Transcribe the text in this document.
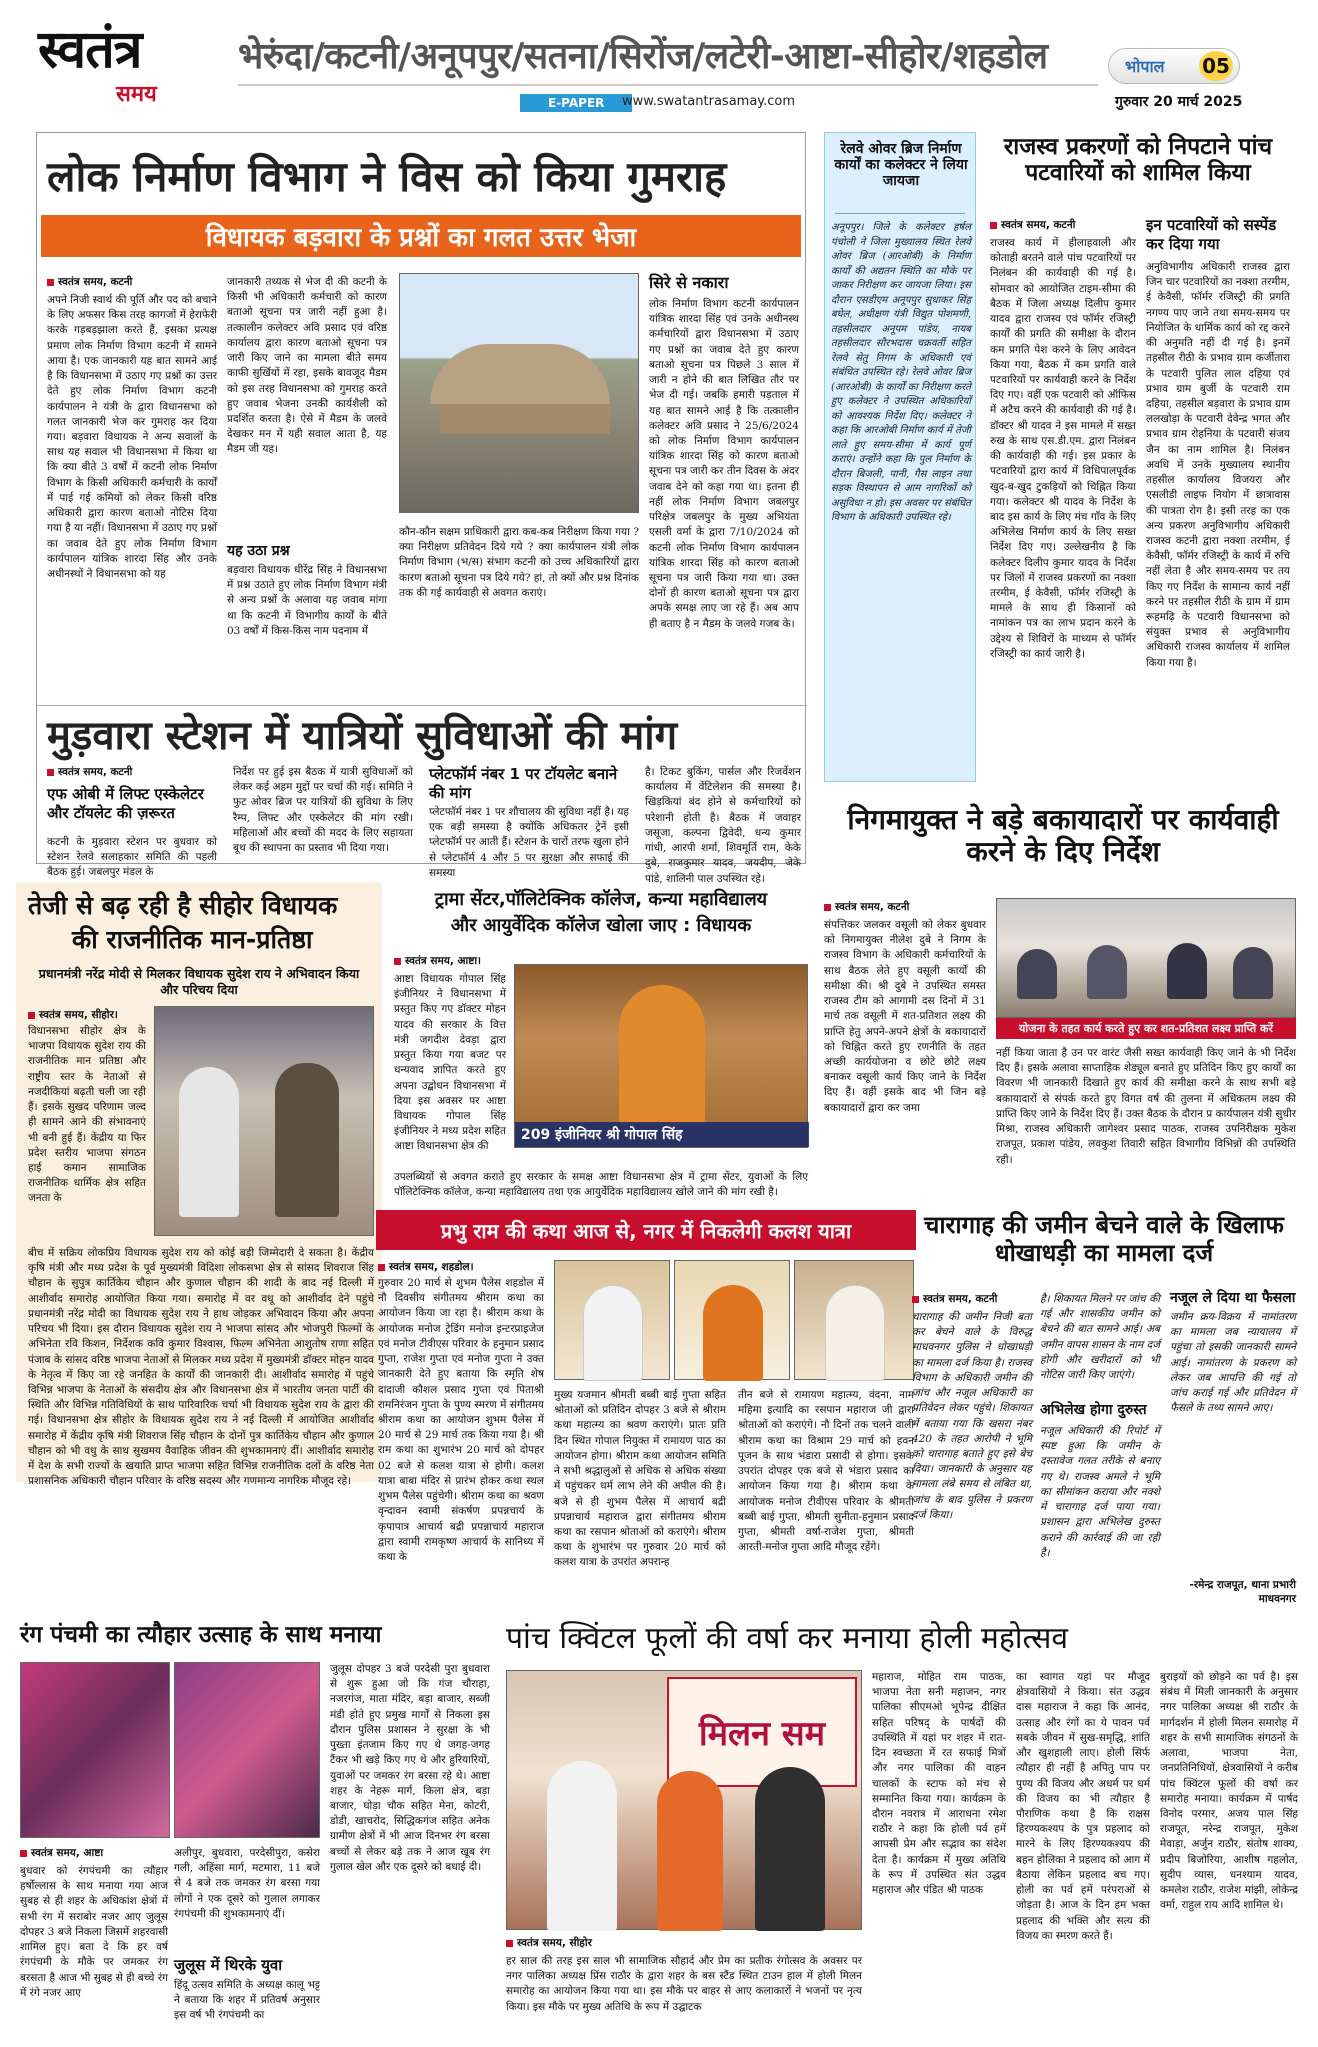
स्वतंत्र
समय
भेरुंदा/कटनी/अनूपपुर/सतना/सिरोंज/लटेरी-आष्टा-सीहोर/शहडोल
E-PAPER	www.swatantrasamay.com
भोपाल 05
गुरुवार 20 मार्च 2025
लोक निर्माण विभाग ने विस को किया गुमराह
विधायक बड़वारा के प्रश्नों का गलत उत्तर भेजा
स्वतंत्र समय, कटनी
अपने निजी स्वार्थ की पूर्ति और पद को बचाने के लिए अफसर किस तरह कागजों में हेराफेरी करके गड़बड़झाला करते हैं, इसका प्रत्यक्ष प्रमाण लोक निर्माण विभाग कटनी में सामने आया है। एक जानकारी यह बात सामने आई है कि विधानसभा में उठाए गए प्रश्नों का उत्तर देते हुए लोक निर्माण विभाग कटनी कार्यपालन ने यंत्री के द्वारा विधानसभा को गलत जानकारी भेज कर गुमराह कर दिया गया। बड़वारा विधायक ने अन्य सवालों के साथ यह सवाल भी विधानसभा में किया था कि क्या बीते 3 वर्षों में कटनी लोक निर्माण विभाग के किसी अधिकारी कर्मचारी के कार्यों में पाई गई कमियों को लेकर किसी वरिष्ठ अधिकारी द्वारा कारण बताओ नोटिस दिया गया है या नहीं। विधानसभा में उठाए गए प्रश्नों का जवाब देते हुए लोक निर्माण विभाग कार्यपालन यांत्रिक शारदा सिंह और उनके अधीनस्थों ने विधानसभा को यह
जानकारी तथ्यक से भेज दी की कटनी के किसी भी अधिकारी कर्मचारी को कारण बताओ सूचना पत्र जारी नहीं हुआ है। तत्कालीन कलेक्टर अवि प्रसाद एवं वरिष्ठ कार्यालय द्वारा कारण बताओ सूचना पत्र जारी किए जाने का मामला बीते समय काफी सुर्खियों में रहा, इसके बावजूद मैडम को इस तरह विधानसभा को गुमराह करते हुए जवाब भेजना उनकी कार्यशैली को प्रदर्शित करता है। ऐसे में मैडम के जलवे देखकर मन में यही सवाल आता है, यह मैडम जी यह।
यह उठा प्रश्न
बड़वारा विधायक धीरेंद्र सिंह ने विधानसभा में प्रश्न उठाते हुए लोक निर्माण विभाग मंत्री से अन्य प्रश्नों के अलावा यह जवाब मांगा था कि कटनी में विभागीय कार्यों के बीते 03 वर्षों में किस-किस नाम पदनाम में
कौन-कौन सक्षम प्राधिकारी द्वारा कब-कब निरीक्षण किया गया ? क्या निरीक्षण प्रतिवेदन दिये गये ? क्या कार्यपालन यंत्री लोक निर्माण विभाग (भ/स) संभाग कटनी को उच्च अधिकारियों द्वारा कारण बताओ सूचना पत्र दिये गये? हां, तो क्यों और प्रश्न दिनांक तक की गई कार्यवाही से अवगत कराएं।
सिरे से नकारा
लोक निर्माण विभाग कटनी कार्यपालन यांत्रिक शारदा सिंह एवं उनके अधीनस्थ कर्मचारियों द्वारा विधानसभा में उठाए गए प्रश्नों का जवाब देते हुए कारण बताओ सूचना पत्र पिछले 3 साल में जारी न होने की बात लिखित तौर पर भेज दी गई। जबकि हमारी पड़ताल में यह बात सामने आई है कि तत्कालीन कलेक्टर अवि प्रसाद ने 25/6/2024 को लोक निर्माण विभाग कार्यपालन यांत्रिक शारदा सिंह को कारण बताओ सूचना पत्र जारी कर तीन दिवस के अंदर जवाब देने को कहा गया था। इतना ही नहीं लोक निर्माण विभाग जबलपुर परिक्षेत्र जबलपुर के मुख्य अभियंता एसली वर्मा के द्वारा 7/10/2024 को कटनी लोक निर्माण विभाग कार्यपालन यांत्रिक शारदा सिंह को कारण बताओ सूचना पत्र जारी किया गया था। उक्त दोनों ही कारण बताओ सूचना पत्र द्वारा अपके समक्ष लाए जा रहे हैं। अब आप ही बताए है न मैडम के जलवे गजब के।
मुड़वारा स्टेशन में यात्रियों सुविधाओं की मांग
स्वतंत्र समय, कटनी
एफ ओबी में लिफ्ट एस्केलेटर और टॉयलेट की ज़रूरत
कटनी के मुड़वारा स्टेशन पर बुधवार को स्टेशन रेलवे सलाहकार समिति की पहली बैठक हुई। जबलपुर मंडल के
निर्देश पर हुई इस बैठक में यात्री सुविधाओं को लेकर कई अहम मुद्दों पर चर्चा की गई। समिति ने फुट ओवर ब्रिज पर यात्रियों की सुविधा के लिए रैम्प, लिफ्ट और एस्केलेटर की मांग रखी। महिलाओं और बच्चों की मदद के लिए सहायता बूथ की स्थापना का प्रस्ताव भी दिया गया।
प्लेटफॉर्म नंबर 1 पर टॉयलेट बनाने की मांग
प्लेटफॉर्म नंबर 1 पर शौचालय की सुविधा नहीं है। यह एक बड़ी समस्या है क्योंकि अधिकतर ट्रेनें इसी प्लेटफॉर्म पर आती हैं। स्टेशन के चारों तरफ खुला होने से प्लेटफॉर्म 4 और 5 पर सुरक्षा और सफाई की समस्या
है। टिकट बुकिंग, पार्सल और रिजर्वेशन कार्यालय में वेंटिलेशन की समस्या है। खिड़कियां बंद होने से कर्मचारियों को परेशानी होती है। बैठक में जवाहर जसूजा, कल्पना द्विवेदी, धन्य कुमार गांधी, आरपी शर्मा, शिवमूर्ति राम, केके दुबे, राजकुमार यादव, जयदीप, जेके पांडे, शालिनी पाल उपस्थित रहे।
रेलवे ओवर ब्रिज निर्माण कार्यों का कलेक्टर ने लिया जायजा
अनूपपुर। जिले के कलेक्टर हर्षल पंचोली ने जिला मुख्यालय स्थित रेलवे ओवर ब्रिज (आरओबी) के निर्माण कार्यों की अद्यतन स्थिति का मौके पर जाकर निरीक्षण कर जायजा लिया। इस दौरान एसडीएम अनूपपुर सुधाकर सिंह बघेल, अधीक्षण यंत्री विद्युत पोशमणी, तहसीलदार अनूपम पांडेय, नायब तहसीलदार सौरभदास चक्रवर्ती सहित रेलवे सेतु निगम के अधिकारी एवं संबंधित उपस्थित रहे। रेलवे ओवर ब्रिज (आरओबी) के कार्यों का निरीक्षण करते हुए कलेक्टर ने उपस्थित अधिकारियों को आवश्यक निर्देश दिए। कलेक्टर ने कहा कि आरओबी निर्माण कार्य में तेजी लाते हुए समय-सीमा में कार्य पूर्ण कराएं। उन्होंने कहा कि पुल निर्माण के दौरान बिजली, पानी, गैस लाइन तथा सड़क विस्थापन से आम नागरिकों को असुविधा न हो। इस अवसर पर संबंधित विभाग के अधिकारी उपस्थित रहे।
राजस्व प्रकरणों को निपटाने पांच पटवारियों को शामिल किया
स्वतंत्र समय, कटनी
राजस्व कार्य में हीलाहवाली और कोताही बरतने वाले पांच पटवारियों पर निलंबन की कार्यवाही की गई है। सोमवार को आयोजित टाइम-सीमा की बैठक में जिला अध्यक्ष दिलीप कुमार यादव द्वारा राजस्व एवं फॉर्मर रजिस्ट्री कार्यों की प्रगति की समीक्षा के दौरान कम प्रगति पेश करने के लिए आवेदन किया गया, बैठक में कम प्रगति वाले पटवारियों पर कार्यवाही करने के निर्देश दिए गए। वहीं एक पटवारी को ऑफिस में अटैच करने की कार्यवाही की गई है। डॉक्टर श्री यादव ने इस मामले में सख्त रुख के साथ एस.डी.एम. द्वारा निलंबन की कार्यवाही की गई। इस प्रकार के पटवारियों द्वारा कार्य में विधिपालपूर्वक खुद-ब-खुद टुकड़ियों को चिह्नित किया गया। कलेक्टर श्री यादव के निर्देश के बाद इस कार्य के लिए मंच गाँव के लिए अभिलेख निर्माण कार्य के लिए सख्त निर्देश दिए गए। उल्लेखनीय है कि कलेक्टर दिलीप कुमार यादव के निर्देश पर जिलों में राजस्व प्रकरणों का नक्शा तरमीम, ई केवैसी, फॉर्मर रजिस्ट्री के मामले के साथ ही किसानों को नामांकन पत्र का लाभ प्रदान करने के उद्देश्य से शिविरों के माध्यम से फॉर्मर रजिस्ट्री का कार्य जारी है।
इन पटवारियों को सस्पेंड कर दिया गया
अनुविभागीय अधिकारी राजस्व द्वारा जिन चार पटवारियों का नक्शा तरमीम, ई केवैसी, फॉर्मर रजिस्ट्री की प्रगति नगण्य पाए जाने तथा समय-समय पर नियोजित के धार्मिक कार्य को रद्द करने की अनुमति नहीं दी गई है। इनमें तहसील रीठी के प्रभाव ग्राम कर्जीतारा के पटवारी पुलित लाल दहिया एवं प्रभाव ग्राम बुर्जी के पटवारी राम दहिया, तहसील बड़वारा के प्रभाव ग्राम ललखोड़ा के पटवारी देवेन्द्र भगत और प्रभाव ग्राम रोहनिया के पटवारी संजय जैन का नाम शामिल है। निलंबन अवधि में उनके मुख्यालय स्थानीय तहसील कार्यालय विजयरा और एसलीडी लाइफ नियोग में छात्रावास की पात्रता रोग है। इसी तरह का एक अन्य प्रकरण अनुविभागीय अधिकारी राजस्व कटनी द्वारा नक्शा तरमीम, ई केवैसी, फॉर्मर रजिस्ट्री के कार्य में रुचि नहीं लेता है और समय-समय पर तय किए गए निर्देश के सामान्य कार्य नहीं करने पर तहसील रीठी के ग्राम में ग्राम रूहमढ़ि के पटवारी विधानसभा को संयुक्त प्रभाव से अनुविभागीय अधिकारी राजस्व कार्यालय में शामिल किया गया है।
निगमायुक्त ने बड़े बकायादारों पर कार्यवाही करने के दिए निर्देश
स्वतंत्र समय, कटनी
संपत्तिकर जलकर वसूली को लेकर बुधवार को निगमायुक्त नीलेश दुबे ने निगम के राजस्व विभाग के अधिकारी कर्मचारियों के साथ बैठक लेते हुए वसूली कार्यों की समीक्षा की। श्री दुबे ने उपस्थित समस्त राजस्व टीम को आगामी दस दिनों में 31 मार्च तक वसूली में शत-प्रतिशत लक्ष्य की प्राप्ति हेतु अपने-अपने क्षेत्रों के बकायादारों को चिह्नित करते हुए रणनीति के तहत अच्छी कार्ययोजना व छोटे छोटे लक्ष्य बनाकर वसूली कार्य किए जाने के निर्देश दिए हैं। वहीं इसके बाद भी जिन बड़े बकायादारों द्वारा कर जमा
योजना के तहत कार्य करते हुए कर शत-प्रतिशत लक्ष्य प्राप्ति करें
नहीं किया जाता है उन पर वारंट जैसी सख्त कार्यवाही किए जाने के भी निर्देश दिए हैं। इसके अलावा साप्ताहिक शेड्यूल बनाते हुए प्रतिदिन किए हुए कार्यों का विवरण भी जानकारी दिखाते हुए कार्य की समीक्षा करने के साथ सभी बड़े बकायादारों से संपर्क करते हुए विगत वर्ष की तुलना में अधिकतम लक्ष्य की प्राप्ति किए जाने के निर्देश दिए हैं। उक्त बैठक के दौरान प्र कार्यपालन यंत्री सुधीर मिश्रा, राजस्व अधिकारी जागेश्वर प्रसाद पाठक, राजस्व उपनिरीक्षक मुकेश राजपूत, प्रकाश पांडेय, लवकुश तिवारी सहित विभागीय विभिन्नों की उपस्थिति रही।
तेजी से बढ़ रही है सीहोर विधायक
की राजनीतिक मान-प्रतिष्ठा
प्रधानमंत्री नरेंद्र मोदी से मिलकर विधायक सुदेश राय ने अभिवादन किया और परिचय दिया
स्वतंत्र समय, सीहोर।
विधानसभा सीहोर क्षेत्र के भाजपा विधायक सुदेश राय की राजनीतिक मान प्रतिष्ठा और राष्ट्रीय स्तर के नेताओं से नजदीकियां बढ़ती चली जा रही हैं। इसके सुखद परिणाम जल्द ही सामने आने की संभावनाएं भी बनी हुई हैं। केंद्रीय या फिर प्रदेश स्तरीय भाजपा संगठन हाई कमान सामाजिक राजनीतिक धार्मिक क्षेत्र सहित जनता के
बीच में सक्रिय लोकप्रिय विधायक सुदेश राय को कोई बड़ी जिम्मेदारी दे सकता है। केंद्रीय कृषि मंत्री और मध्य प्रदेश के पूर्व मुख्यमंत्री विदिशा लोकसभा क्षेत्र से सांसद शिवराज सिंह चौहान के सुपुत्र कार्तिकेय चौहान और कुणाल चौहान की शादी के बाद नई दिल्ली में आशीर्वाद समारोह आयोजित किया गया। समारोह में वर वधू को आशीर्वाद देने पहुंचे प्रधानमंत्री नरेंद्र मोदी का विधायक सुदेश राय ने हाथ जोड़कर अभिवादन किया और अपना परिचय भी दिया। इस दौरान विधायक सुदेश राय ने भाजपा सांसद और भोजपुरी फिल्मों के अभिनेता रवि किशन, निर्देशक कवि कुमार विश्वास, फिल्म अभिनेता आशुतोष राणा सहित पंजाब के सांसद वरिष्ठ भाजपा नेताओं से मिलकर मध्य प्रदेश में मुख्यमंत्री डॉक्टर मोहन यादव के नेतृत्व में किए जा रहे जनहित के कार्यों की जानकारी दी। आशीर्वाद समारोह में पहुंचे विभिन्न भाजपा के नेताओं के संसदीय क्षेत्र और विधानसभा क्षेत्र में भारतीय जनता पार्टी की स्थिति और विभिन्न गतिविधियों के साथ पारिवारिक चर्चा भी विधायक सुदेश राय के द्वारा की गई। विधानसभा क्षेत्र सीहोर के विधायक सुदेश राय ने नई दिल्ली में आयोजित आशीर्वाद समारोह में केंद्रीय कृषि मंत्री शिवराज सिंह चौहान के दोनों पुत्र कार्तिकेय चौहान और कुणाल चौहान को भी वधु के साथ सुखमय वैवाहिक जीवन की शुभकामनाएं दीं। आशीर्वाद समारोह में देश के सभी राज्यों के खयाति प्राप्त भाजपा सहित विभिन्न राजनीतिक दलों के वरिष्ठ नेता प्रशासनिक अधिकारी चौहान परिवार के वरिष्ठ सदस्य और गणमान्य नागरिक मौजूद रहे।
ट्रामा सेंटर,पॉलिटेक्निक कॉलेज, कन्या महाविद्यालय
और आयुर्वेदिक कॉलेज खोला जाए : विधायक
स्वतंत्र समय, आष्टा।
आष्टा विधायक गोपाल सिंह इंजीनियर ने विधानसभा में प्रस्तुत किए गए डॉक्टर मोहन यादव की सरकार के वित्त मंत्री जगदीश देवड़ा द्वारा प्रस्तुत किया गया बजट पर धन्यवाद ज्ञापित करते हुए अपना उद्बोधन विधानसभा में दिया इस अवसर पर आष्टा विधायक गोपाल सिंह इंजीनियर ने मध्य प्रदेश सहित आष्टा विधानसभा क्षेत्र की
209 इंजीनियर श्री गोपाल सिंह
उपलब्धियों से अवगत कराते हुए सरकार के समक्ष आष्टा विधानसभा क्षेत्र में ट्रामा सेंटर, युवाओं के लिए पॉलिटेक्निक कॉलेज, कन्या महाविद्यालय तथा एक आयुर्वेदिक महाविद्यालय खोले जाने की मांग रखी है।
प्रभु राम की कथा आज से, नगर में निकलेगी कलश यात्रा
स्वतंत्र समय, शहडोल।
गुरुवार 20 मार्च से शुभम पैलेस शहडोल में नौ दिवसीय संगीतमय श्रीराम कथा का आयोजन किया जा रहा है। श्रीराम कथा के आयोजक मनोज ट्रेडिंग मनोज इन्टरप्राइजेज एवं मनोज टीवीएस परिवार के हनुमान प्रसाद गुप्ता, राजेश गुप्ता एवं मनोज गुप्ता ने उक्त जानकारी देते हुए बताया कि स्मृति शेष दादाजी कौशल प्रसाद गुप्ता एवं पिताश्री रामनिरंजन गुप्ता के पुण्य स्मरण में संगीतमय श्रीराम कथा का आयोजन शुभम पैलेस में 20 मार्च से 29 मार्च तक किया गया है। श्री राम कथा का शुभारंभ 20 मार्च को दोपहर 02 बजे से कलश यात्रा से होगी। कलश यात्रा बाबा मंदिर से प्रारंभ होकर कथा स्थल शुभम पैलेस पहुंचेगी। श्रीराम कथा का श्रवण वृन्दावन स्वामी संकर्षण प्रपन्नचार्य के कृपापात्र आचार्य बद्री प्रपन्नाचार्य महाराज द्वारा स्वामी रामकृष्ण आचार्य के सानिध्य में कथा के
मुख्य यजमान श्रीमती बब्बी बाई गुप्ता सहित श्रोताओं को प्रतिदिन दोपहर 3 बजे से श्रीराम कथा महात्म्य का श्रवण कराएंगे। प्रातः प्रति दिन स्थित गोपाल नियुक्त में रामायण पाठ का आयोजन होगा। श्रीराम कथा आयोजन समिति ने सभी श्रद्धालुओं से अधिक से अधिक संख्या में पहुंचकर धर्म लाभ लेने की अपील की है। बजे से ही शुभम पैलेस में आचार्य बद्री प्रपन्नाचार्य महाराज द्वारा संगीतमय श्रीराम कथा का रसपान श्रोताओं को कराएंगे। श्रीराम कथा के शुभारंभ पर गुरुवार 20 मार्च को कलश यात्रा के उपरांत अपरान्ह
तीन बजे से रामायण महात्म्य, वंदना, नाम महिमा इत्यादि का रसपान महाराज जी द्वारा श्रोताओं को कराएंगे। नौ दिनों तक चलने वाली श्रीराम कथा का विश्राम 29 मार्च को हवन पूजन के साथ भंडारा प्रसादी से होगा। इसके उपरांत दोपहर एक बजे से भंडारा प्रसाद का आयोजन किया गया है। श्रीराम कथा के आयोजक मनोज टीवीएस परिवार के श्रीमती बब्बी बाई गुप्ता, श्रीमती सुनीता-हनुमान प्रसाद गुप्ता, श्रीमती वर्षा-राजेश गुप्ता, श्रीमती आरती-मनोज गुप्ता आदि मौजूद रहेंगे।
चारागाह की जमीन बेचने वाले के खिलाफ धोखाधड़ी का मामला दर्ज
स्वतंत्र समय, कटनी
चारागाह की जमीन निजी बता कर बेचने वाले के विरुद्ध माधवनगर पुलिस ने धोखाधड़ी का मामला दर्ज किया है। राजस्व विभाग के अधिकारी जमीन की जांच और नजूल अधिकारी का प्रतिवेदन लेकर पहुंचे। शिकायत में बताया गया कि खसरा नंबर 420 के तहत आरोपी ने भूमि को चारागाह बताते हुए इसे बेच दिया। जानकारी के अनुसार यह मामला लंबे समय से लंबित था, जांच के बाद पुलिस ने प्रकरण दर्ज किया।
है। शिकायत मिलने पर जांच की गई और शासकीय जमीन को बेचने की बात सामने आई। अब जमीन वापस शासन के नाम दर्ज होगी और खरीदारों को भी नोटिस जारी किए जाएंगे।
अभिलेख होगा दुरुस्त
नजूल अधिकारी की रिपोर्ट में स्पष्ट हुआ कि जमीन के दस्तावेज गलत तरीके से बनाए गए थे। राजस्व अमले ने भूमि का सीमांकन कराया और नक्शे में चारागाह दर्ज पाया गया। प्रशासन द्वारा अभिलेख दुरुस्त कराने की कार्रवाई की जा रही है।
नजूल ले दिया था फैसला
जमीन क्रय-विक्रय में नामांतरण का मामला जब न्यायालय में पहुंचा तो इसकी जानकारी सामने आई। नामांतरण के प्रकरण को लेकर जब आपत्ति की गई तो जांच कराई गई और प्रतिवेदन में फैसले के तथ्य सामने आए।
-रमेन्द्र राजपूत, थाना प्रभारी माधवनगर
रंग पंचमी का त्यौहार उत्साह के साथ मनाया
स्वतंत्र समय, आष्टा
बुधवार को रंगपंचमी का त्यौहार हर्षोल्लास के साथ मनाया गया आज सुबह से ही शहर के अधिकांश क्षेत्रों में सभी रंग में सराबोर नजर आए जुलूस दोपहर 3 बजे निकला जिसमें शहरवासी शामिल हुए। बता दे कि हर वर्ष रंगपंचमी के मौके पर जमकर रंग बरसता है आज भी सुबह से ही बच्चे रंग में रंगे नजर आए
अलीपुर, बुधवारा, परदेसीपुरा, कसेरा गली, अहिंसा मार्ग, मटमारा, 11 बजे से 4 बजे तक जमकर रंग बरसा गया लोगों ने एक दूसरे को गुलाल लगाकर रंगपंचमी की शुभकामनाएं दीं।
जुलूस में थिरके युवा
हिंदू उत्सव समिति के अध्यक्ष कालू भट्ट ने बताया कि शहर में प्रतिवर्ष अनुसार इस वर्ष भी रंगपंचमी का
जुलूस दोपहर 3 बजे परदेसी पुरा बुधवारा से शुरू हुआ जो कि गंज चौराहा, नजरगंज, माता मंदिर, बड़ा बाजार, सब्जी मंडी होते हुए प्रमुख मार्गों से निकला इस दौरान पुलिस प्रशासन ने सुरक्षा के भी पुख्ता इंतजाम किए गए थे जगह-जगह टैंकर भी खड़े किए गए थे और हुरियारियों, युवाओं पर जमकर रंग बरसा रहे थे। आष्टा शहर के नेहरू मार्ग, किला क्षेत्र, बड़ा बाजार, घोड़ा चौक सहित मेना, कोटरी, डोडी, खाचरोद, सिद्धिकगंज सहित अनेक ग्रामीण क्षेत्रों में भी आज दिनभर रंग बरसा बच्चों से लेकर बड़े तक ने आज खूब रंग गुलाल खेल और एक दूसरे को बधाई दी।
पांच क्विंटल फूलों की वर्षा कर मनाया होली महोत्सव
मिलन सम
स्वतंत्र समय, सीहोर
हर साल की तरह इस साल भी सामाजिक सौहार्द और प्रेम का प्रतीक रंगोत्सव के अवसर पर नगर पालिका अध्यक्ष प्रिंस राठौर के द्वारा शहर के बस स्टैंड स्थित टाउन हाल में होली मिलन समारोह का आयोजन किया गया था। इस मौके पर बाहर से आए कलाकारों ने भजनों पर नृत्य किया। इस मौके पर मुख्य अतिथि के रूप में उद्घाटक
महाराज, मोहित राम पाठक, भाजपा नेता सनी महाजन, नगर पालिका सीएमओ भूपेन्द्र दीक्षित सहित परिषद् के पार्षदों की उपस्थिति में यहां पर शहर में रात-दिन स्वच्छता में रत सफाई मित्रों और नगर पालिका की वाहन चालकों के स्टाफ को मंच से सम्मानित किया गया। कार्यक्रम के दौरान नवरात्र में आराधना रमेश राठौर ने कहा कि होली पर्व हमें आपसी प्रेम और सद्भाव का संदेश देता है। कार्यक्रम में मुख्य अतिथि के रूप में उपस्थित संत उद्धव महाराज और पंडित श्री पाठक
का स्वागत यहां पर मौजूद क्षेत्रवासियों ने किया। संत उद्धव दास महाराज ने कहा कि आनंद, उत्साह और रंगों का ये पावन पर्व सबके जीवन में सुख-समृद्धि, शांति और खुशहाली लाए। होली सिर्फ त्यौहार ही नहीं है अपितु पाप पर पुण्य की विजय और अधर्म पर धर्म की विजय का भी त्यौहार है पौराणिक कथा है कि राक्षस हिरण्यकश्यप के पुत्र प्रहलाद को मारने के लिए हिरण्यकश्यप की बहन होलिका ने प्रहलाद को आग में बैठाया लेकिन प्रहलाद बच गए। होली का पर्व हमें परंपराओं से जोड़ता है। आज के दिन हम भक्त प्रहलाद की भक्ति और सत्य की विजय का स्मरण करते हैं।
बुराइयों को छोड़ने का पर्व है। इस संबंध में मिली जानकारी के अनुसार नगर पालिका अध्यक्ष श्री राठौर के मार्गदर्शन में होली मिलन समारोह में शहर के सभी सामाजिक संगठनों के अलावा, भाजपा नेता, जनप्रतिनिधियों, क्षेत्रवासियों ने करीब पांच क्विंटल फूलों की वर्षा कर समारोह मनाया। कार्यक्रम में पार्षद विनोद परमार, अजय पाल सिंह राजपूत, नरेन्द्र राजपूत, मुकेश मेवाड़ा, अर्जुन राठौर, संतोष शाक्य, प्रदीप बिजोरिया, आशीष गहलोत, सुदीप व्यास, धनश्याम यादव, कमलेश राठौर, राजेश मांझी, लोकेन्द्र वर्मा, राहुल राय आदि शामिल थे।
